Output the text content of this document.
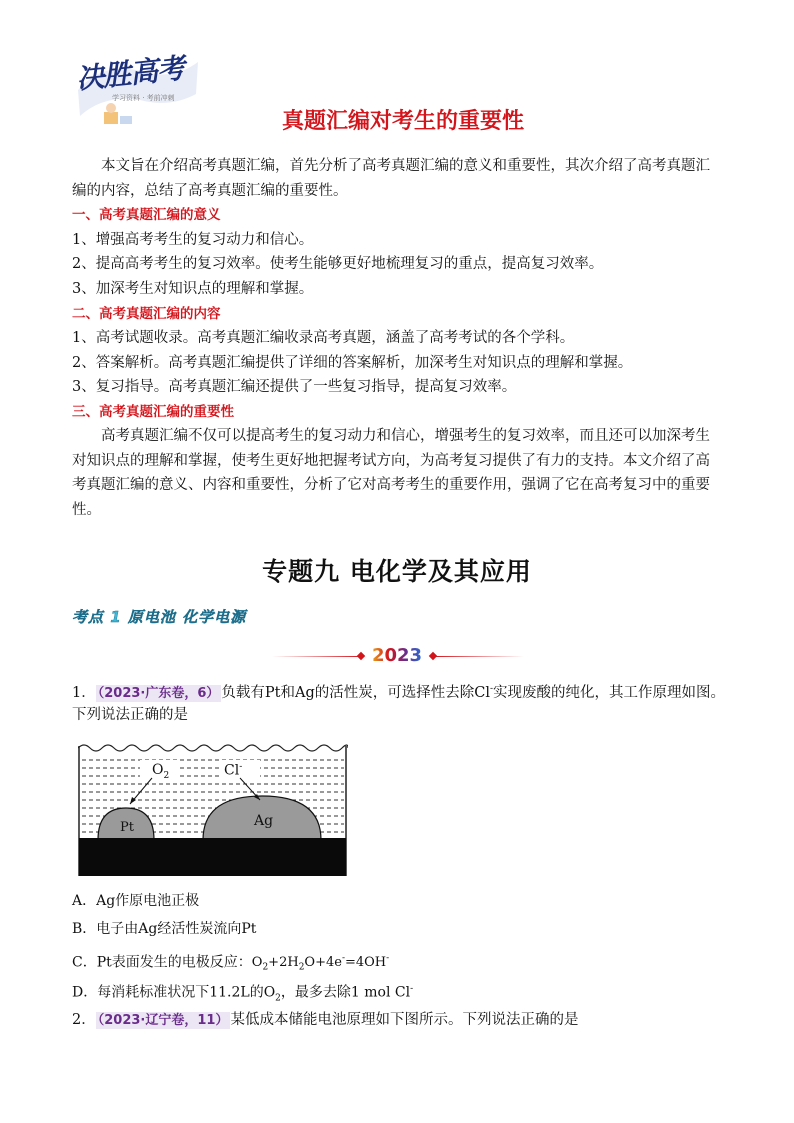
决胜高考
学习资料 · 考前冲刺
真题汇编对考生的重要性
本文旨在介绍高考真题汇编，首先分析了高考真题汇编的意义和重要性，其次介绍了高考真题汇编的内容，总结了高考真题汇编的重要性。
一、高考真题汇编的意义
1、增强高考考生的复习动力和信心。
2、提高高考考生的复习效率。使考生能够更好地梳理复习的重点，提高复习效率。
3、加深考生对知识点的理解和掌握。
二、高考真题汇编的内容
1、高考试题收录。高考真题汇编收录高考真题，涵盖了高考考试的各个学科。
2、答案解析。高考真题汇编提供了详细的答案解析，加深考生对知识点的理解和掌握。
3、复习指导。高考真题汇编还提供了一些复习指导，提高复习效率。
三、高考真题汇编的重要性
高考真题汇编不仅可以提高考生的复习动力和信心，增强考生的复习效率，而且还可以加深考生对知识点的理解和掌握，使考生更好地把握考试方向，为高考复习提供了有力的支持。本文介绍了高考真题汇编的意义、内容和重要性，分析了它对高考考生的重要作用，强调了它在高考复习中的重要性。
专题九 电化学及其应用
考点 1 原电池 化学电源
2023
1． （2023·广东卷，6） 负载有Pt和Ag的活性炭，可选择性去除Cl-实现废酸的纯化，其工作原理如图。
下列说法正确的是
$O_2$	Cl-
Pt	Ag
A．Ag作原电池正极
B．电子由Ag经活性炭流向Pt
C．Pt表面发生的电极反应：$O_2+2H_2O+4e^-=4OH^-$
D．每消耗标准状况下11.2L的$O_2$，最多去除1 mol Cl-
2． （2023·辽宁卷，11） 某低成本储能电池原理如下图所示。下列说法正确的是
